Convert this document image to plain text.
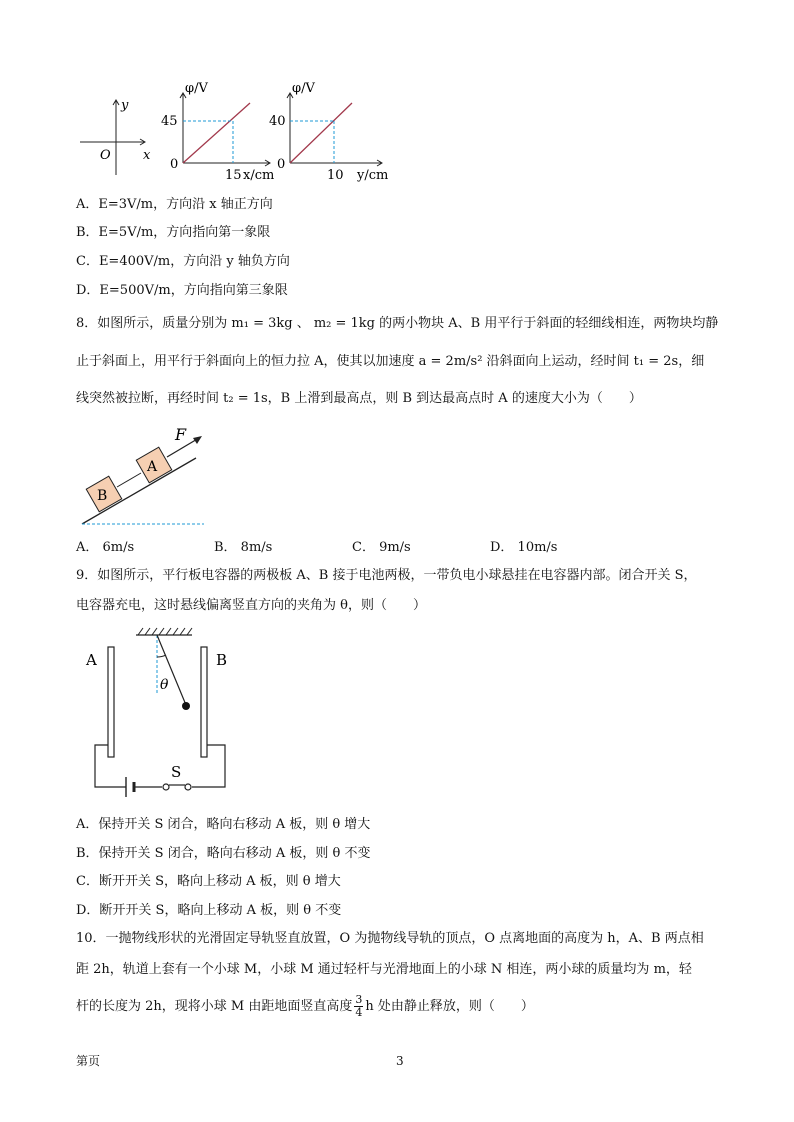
y
O x
φ/V
45
0
15 x/cm
φ/V
40
0
10 y/cm
A．E=3V/m，方向沿 x 轴正方向
B．E=5V/m，方向指向第一象限
C．E=400V/m，方向沿 y 轴负方向
D．E=500V/m，方向指向第三象限
8．如图所示，质量分别为 m₁ = 3kg 、 m₂ = 1kg 的两小物块 A、B 用平行于斜面的轻细线相连，两物块均静
止于斜面上，用平行于斜面向上的恒力拉 A，使其以加速度 a = 2m/s² 沿斜面向上运动，经时间 t₁ = 2s，细
线突然被拉断，再经时间 t₂ = 1s，B 上滑到最高点，则 B 到达最高点时 A 的速度大小为（　　）
B
A
F
A． 6m/s	B． 8m/s	C． 9m/s	D． 10m/s
9．如图所示，平行板电容器的两极板 A、B 接于电池两极，一带负电小球悬挂在电容器内部。闭合开关 S，
电容器充电，这时悬线偏离竖直方向的夹角为 θ，则（　　）
A	B
θ
S
A．保持开关 S 闭合，略向右移动 A 板，则 θ 增大
B．保持开关 S 闭合，略向右移动 A 板，则 θ 不变
C．断开开关 S，略向上移动 A 板，则 θ 增大
D．断开开关 S，略向上移动 A 板，则 θ 不变
10．一抛物线形状的光滑固定导轨竖直放置，O 为抛物线导轨的顶点，O 点离地面的高度为 h，A、B 两点相
距 2h，轨道上套有一个小球 M，小球 M 通过轻杆与光滑地面上的小球 N 相连，两小球的质量均为 m，轻
杆的长度为 2h，现将小球 M 由距地面竖直高度 $\frac{3}{4}$ h 处由静止释放，则（　　）
第页	3
